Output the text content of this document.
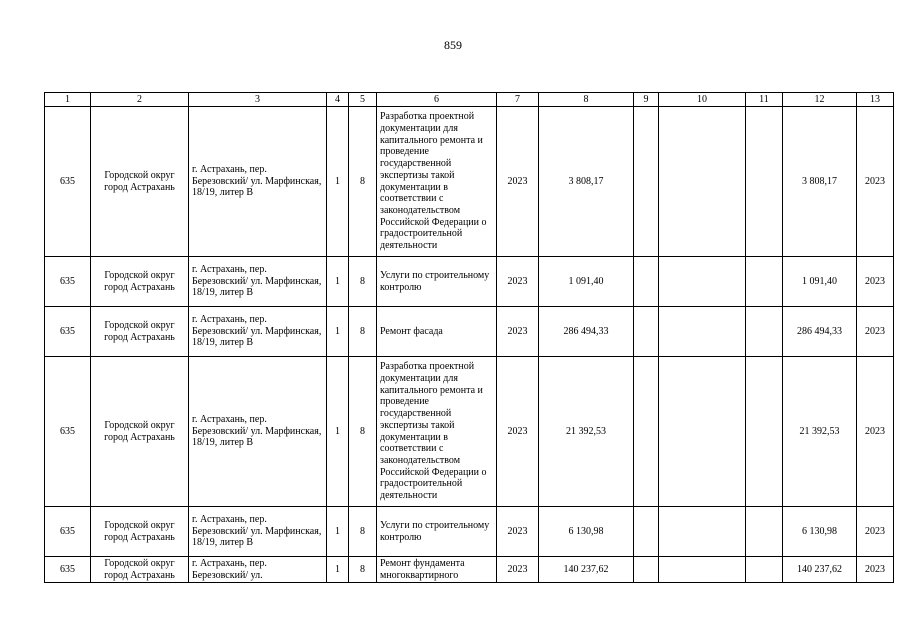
859
1	2	3	4	5	6	7	8	9	10	11	12	13
635	Городской округ город Астрахань	г. Астрахань, пер. Березовский/ ул. Марфинская, 18/19, литер В	1	8	Разработка проектной документации для капитального ремонта и проведение государственной экспертизы такой документации в соответствии с законодательством Российской Федерации о градостроительной деятельности	2023	3 808,17				3 808,17	2023
635	Городской округ город Астрахань	г. Астрахань, пер. Березовский/ ул. Марфинская, 18/19, литер В	1	8	Услуги по строительному контролю	2023	1 091,40				1 091,40	2023
635	Городской округ город Астрахань	г. Астрахань, пер. Березовский/ ул. Марфинская, 18/19, литер В	1	8	Ремонт фасада	2023	286 494,33				286 494,33	2023
635	Городской округ город Астрахань	г. Астрахань, пер. Березовский/ ул. Марфинская, 18/19, литер В	1	8	Разработка проектной документации для капитального ремонта и проведение государственной экспертизы такой документации в соответствии с законодательством Российской Федерации о градостроительной деятельности	2023	21 392,53				21 392,53	2023
635	Городской округ город Астрахань	г. Астрахань, пер. Березовский/ ул. Марфинская, 18/19, литер В	1	8	Услуги по строительному контролю	2023	6 130,98				6 130,98	2023
635	Городской округ город Астрахань	г. Астрахань, пер. Березовский/ ул.	1	8	Ремонт фундамента многоквартирного	2023	140 237,62				140 237,62	2023
